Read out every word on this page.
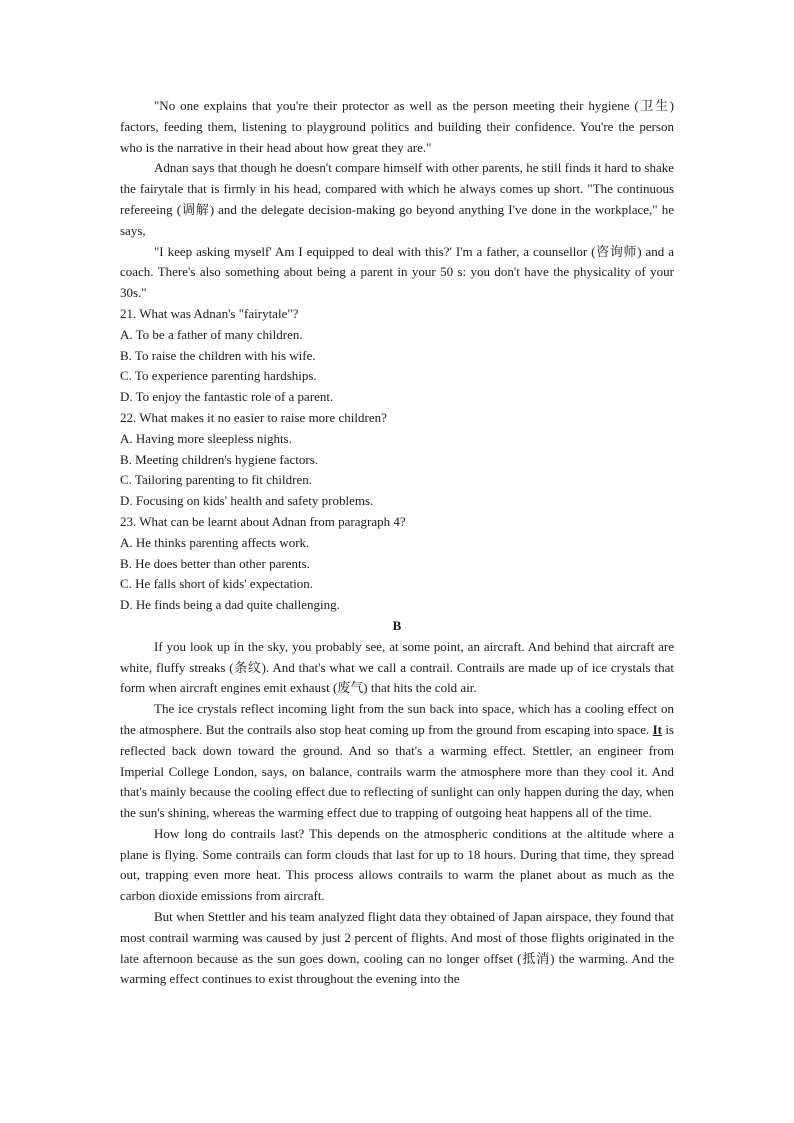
"No one explains that you're their protector as well as the person meeting their hygiene (卫生) factors, feeding them, listening to playground politics and building their confidence. You're the person who is the narrative in their head about how great they are."

Adnan says that though he doesn't compare himself with other parents, he still finds it hard to shake the fairytale that is firmly in his head, compared with which he always comes up short. "The continuous refereeing (调解) and the delegate decision-making go beyond anything I've done in the workplace," he says,

"I keep asking myself' Am I equipped to deal with this?' I'm a father, a counsellor (咨询师) and a coach. There's also something about being a parent in your 50 s: you don't have the physicality of your 30s."

21. What was Adnan's "fairytale"?

A. To be a father of many children.

B. To raise the children with his wife.

C. To experience parenting hardships.

D. To enjoy the fantastic role of a parent.

22. What makes it no easier to raise more children?

A. Having more sleepless nights.

B. Meeting children's hygiene factors.

C. Tailoring parenting to fit children.

D. Focusing on kids' health and safety problems.

23. What can be learnt about Adnan from paragraph 4?

A. He thinks parenting affects work.

B. He does better than other parents.

C. He falls short of kids' expectation.

D. He finds being a dad quite challenging.

B

If you look up in the sky, you probably see, at some point, an aircraft. And behind that aircraft are white, fluffy streaks (条纹). And that's what we call a contrail. Contrails are made up of ice crystals that form when aircraft engines emit exhaust (废气) that hits the cold air.

The ice crystals reflect incoming light from the sun back into space, which has a cooling effect on the atmosphere. But the contrails also stop heat coming up from the ground from escaping into space. It is reflected back down toward the ground. And so that's a warming effect. Stettler, an engineer from Imperial College London, says, on balance, contrails warm the atmosphere more than they cool it. And that's mainly because the cooling effect due to reflecting of sunlight can only happen during the day, when the sun's shining, whereas the warming effect due to trapping of outgoing heat happens all of the time.

How long do contrails last? This depends on the atmospheric conditions at the altitude where a plane is flying. Some contrails can form clouds that last for up to 18 hours. During that time, they spread out, trapping even more heat. This process allows contrails to warm the planet about as much as the carbon dioxide emissions from aircraft.

But when Stettler and his team analyzed flight data they obtained of Japan airspace, they found that most contrail warming was caused by just 2 percent of flights. And most of those flights originated in the late afternoon because as the sun goes down, cooling can no longer offset (抵消) the warming. And the warming effect continues to exist throughout the evening into the
